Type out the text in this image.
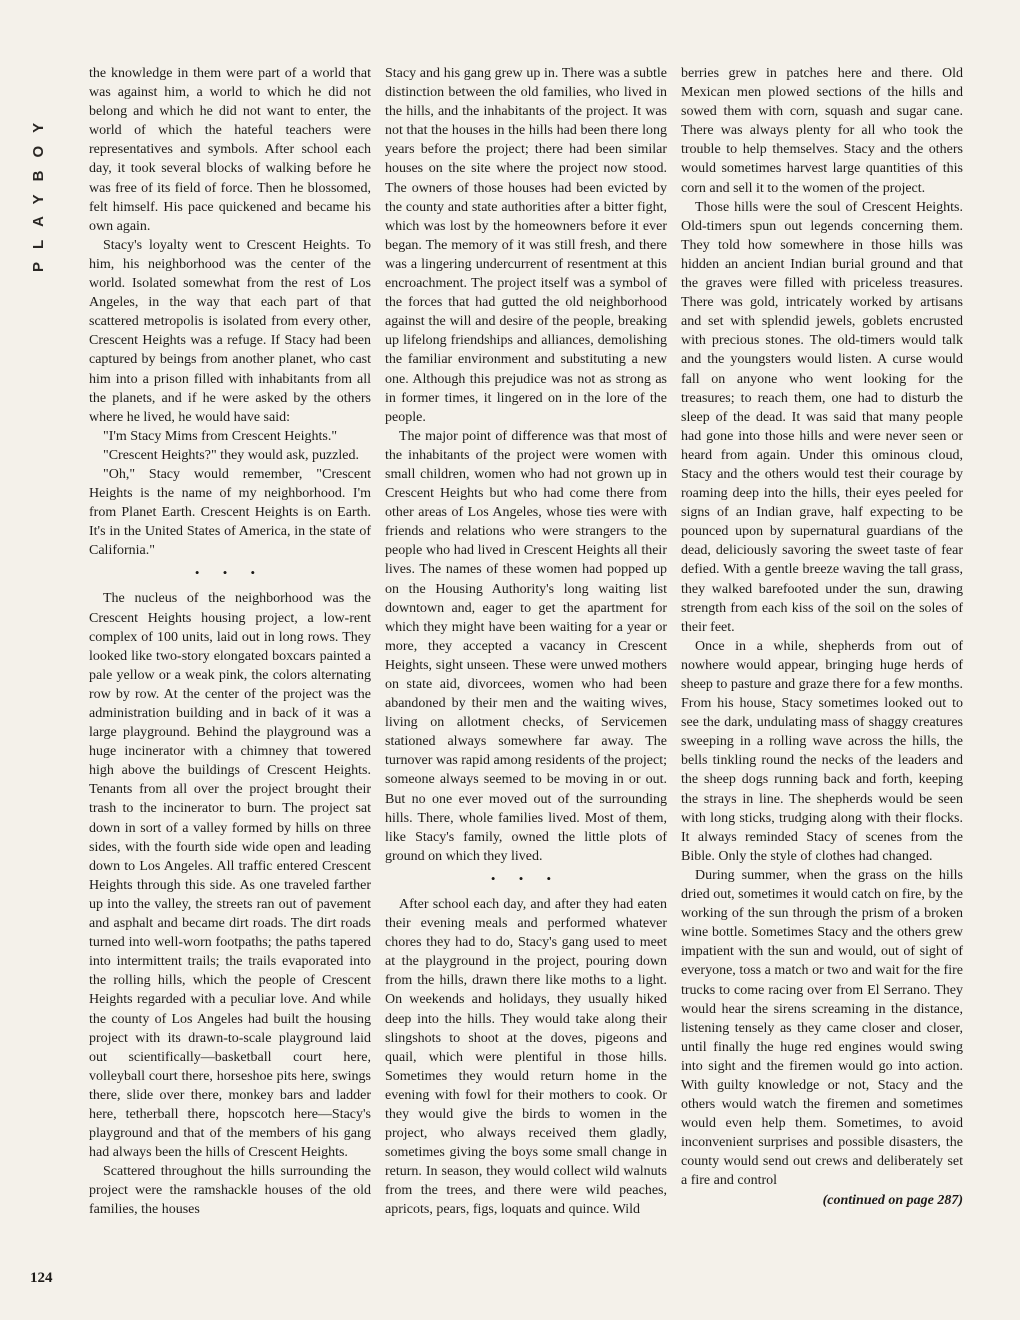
PLAYBOY

the knowledge in them were part of a world that was against him, a world to which he did not belong and which he did not want to enter, the world of which the hateful teachers were representatives and symbols. After school each day, it took several blocks of walking before he was free of its field of force. Then he blossomed, felt himself. His pace quickened and became his own again.

Stacy's loyalty went to Crescent Heights. To him, his neighborhood was the center of the world. Isolated somewhat from the rest of Los Angeles, in the way that each part of that scattered metropolis is isolated from every other, Crescent Heights was a refuge. If Stacy had been captured by beings from another planet, who cast him into a prison filled with inhabitants from all the planets, and if he were asked by the others where he lived, he would have said:

"I'm Stacy Mims from Crescent Heights."

"Crescent Heights?" they would ask, puzzled.

"Oh," Stacy would remember, "Crescent Heights is the name of my neighborhood. I'm from Planet Earth. Crescent Heights is on Earth. It's in the United States of America, in the state of California."

• • •

The nucleus of the neighborhood was the Crescent Heights housing project, a low-rent complex of 100 units, laid out in long rows. They looked like two-story elongated boxcars painted a pale yellow or a weak pink, the colors alternating row by row. At the center of the project was the administration building and in back of it was a large playground. Behind the playground was a huge incinerator with a chimney that towered high above the buildings of Crescent Heights. Tenants from all over the project brought their trash to the incinerator to burn. The project sat down in sort of a valley formed by hills on three sides, with the fourth side wide open and leading down to Los Angeles. All traffic entered Crescent Heights through this side. As one traveled farther up into the valley, the streets ran out of pavement and asphalt and became dirt roads. The dirt roads turned into well-worn footpaths; the paths tapered into intermittent trails; the trails evaporated into the rolling hills, which the people of Crescent Heights regarded with a peculiar love. And while the county of Los Angeles had built the housing project with its drawn-to-scale playground laid out scientifically—basketball court here, volleyball court there, horseshoe pits here, swings there, slide over there, monkey bars and ladder here, tetherball there, hopscotch here—Stacy's playground and that of the members of his gang had always been the hills of Crescent Heights.

Scattered throughout the hills surrounding the project were the ramshackle houses of the old families, the houses

Stacy and his gang grew up in. There was a subtle distinction between the old families, who lived in the hills, and the inhabitants of the project. It was not that the houses in the hills had been there long years before the project; there had been similar houses on the site where the project now stood. The owners of those houses had been evicted by the county and state authorities after a bitter fight, which was lost by the homeowners before it ever began. The memory of it was still fresh, and there was a lingering undercurrent of resentment at this encroachment. The project itself was a symbol of the forces that had gutted the old neighborhood against the will and desire of the people, breaking up lifelong friendships and alliances, demolishing the familiar environment and substituting a new one. Although this prejudice was not as strong as in former times, it lingered on in the lore of the people.

The major point of difference was that most of the inhabitants of the project were women with small children, women who had not grown up in Crescent Heights but who had come there from other areas of Los Angeles, whose ties were with friends and relations who were strangers to the people who had lived in Crescent Heights all their lives. The names of these women had popped up on the Housing Authority's long waiting list downtown and, eager to get the apartment for which they might have been waiting for a year or more, they accepted a vacancy in Crescent Heights, sight unseen. These were unwed mothers on state aid, divorcees, women who had been abandoned by their men and the waiting wives, living on allotment checks, of Servicemen stationed always somewhere far away. The turnover was rapid among residents of the project; someone always seemed to be moving in or out. But no one ever moved out of the surrounding hills. There, whole families lived. Most of them, like Stacy's family, owned the little plots of ground on which they lived.

• • •

After school each day, and after they had eaten their evening meals and performed whatever chores they had to do, Stacy's gang used to meet at the playground in the project, pouring down from the hills, drawn there like moths to a light. On weekends and holidays, they usually hiked deep into the hills. They would take along their slingshots to shoot at the doves, pigeons and quail, which were plentiful in those hills. Sometimes they would return home in the evening with fowl for their mothers to cook. Or they would give the birds to women in the project, who always received them gladly, sometimes giving the boys some small change in return. In season, they would collect wild walnuts from the trees, and there were wild peaches, apricots, pears, figs, loquats and quince. Wild

berries grew in patches here and there. Old Mexican men plowed sections of the hills and sowed them with corn, squash and sugar cane. There was always plenty for all who took the trouble to help themselves. Stacy and the others would sometimes harvest large quantities of this corn and sell it to the women of the project.

Those hills were the soul of Crescent Heights. Old-timers spun out legends concerning them. They told how somewhere in those hills was hidden an ancient Indian burial ground and that the graves were filled with priceless treasures. There was gold, intricately worked by artisans and set with splendid jewels, goblets encrusted with precious stones. The old-timers would talk and the youngsters would listen. A curse would fall on anyone who went looking for the treasures; to reach them, one had to disturb the sleep of the dead. It was said that many people had gone into those hills and were never seen or heard from again. Under this ominous cloud, Stacy and the others would test their courage by roaming deep into the hills, their eyes peeled for signs of an Indian grave, half expecting to be pounced upon by supernatural guardians of the dead, deliciously savoring the sweet taste of fear defied. With a gentle breeze waving the tall grass, they walked barefooted under the sun, drawing strength from each kiss of the soil on the soles of their feet.

Once in a while, shepherds from out of nowhere would appear, bringing huge herds of sheep to pasture and graze there for a few months. From his house, Stacy sometimes looked out to see the dark, undulating mass of shaggy creatures sweeping in a rolling wave across the hills, the bells tinkling round the necks of the leaders and the sheep dogs running back and forth, keeping the strays in line. The shepherds would be seen with long sticks, trudging along with their flocks. It always reminded Stacy of scenes from the Bible. Only the style of clothes had changed.

During summer, when the grass on the hills dried out, sometimes it would catch on fire, by the working of the sun through the prism of a broken wine bottle. Sometimes Stacy and the others grew impatient with the sun and would, out of sight of everyone, toss a match or two and wait for the fire trucks to come racing over from El Serrano. They would hear the sirens screaming in the distance, listening tensely as they came closer and closer, until finally the huge red engines would swing into sight and the firemen would go into action. With guilty knowledge or not, Stacy and the others would watch the firemen and sometimes would even help them. Sometimes, to avoid inconvenient surprises and possible disasters, the county would send out crews and deliberately set a fire and control

(continued on page 287)

124
